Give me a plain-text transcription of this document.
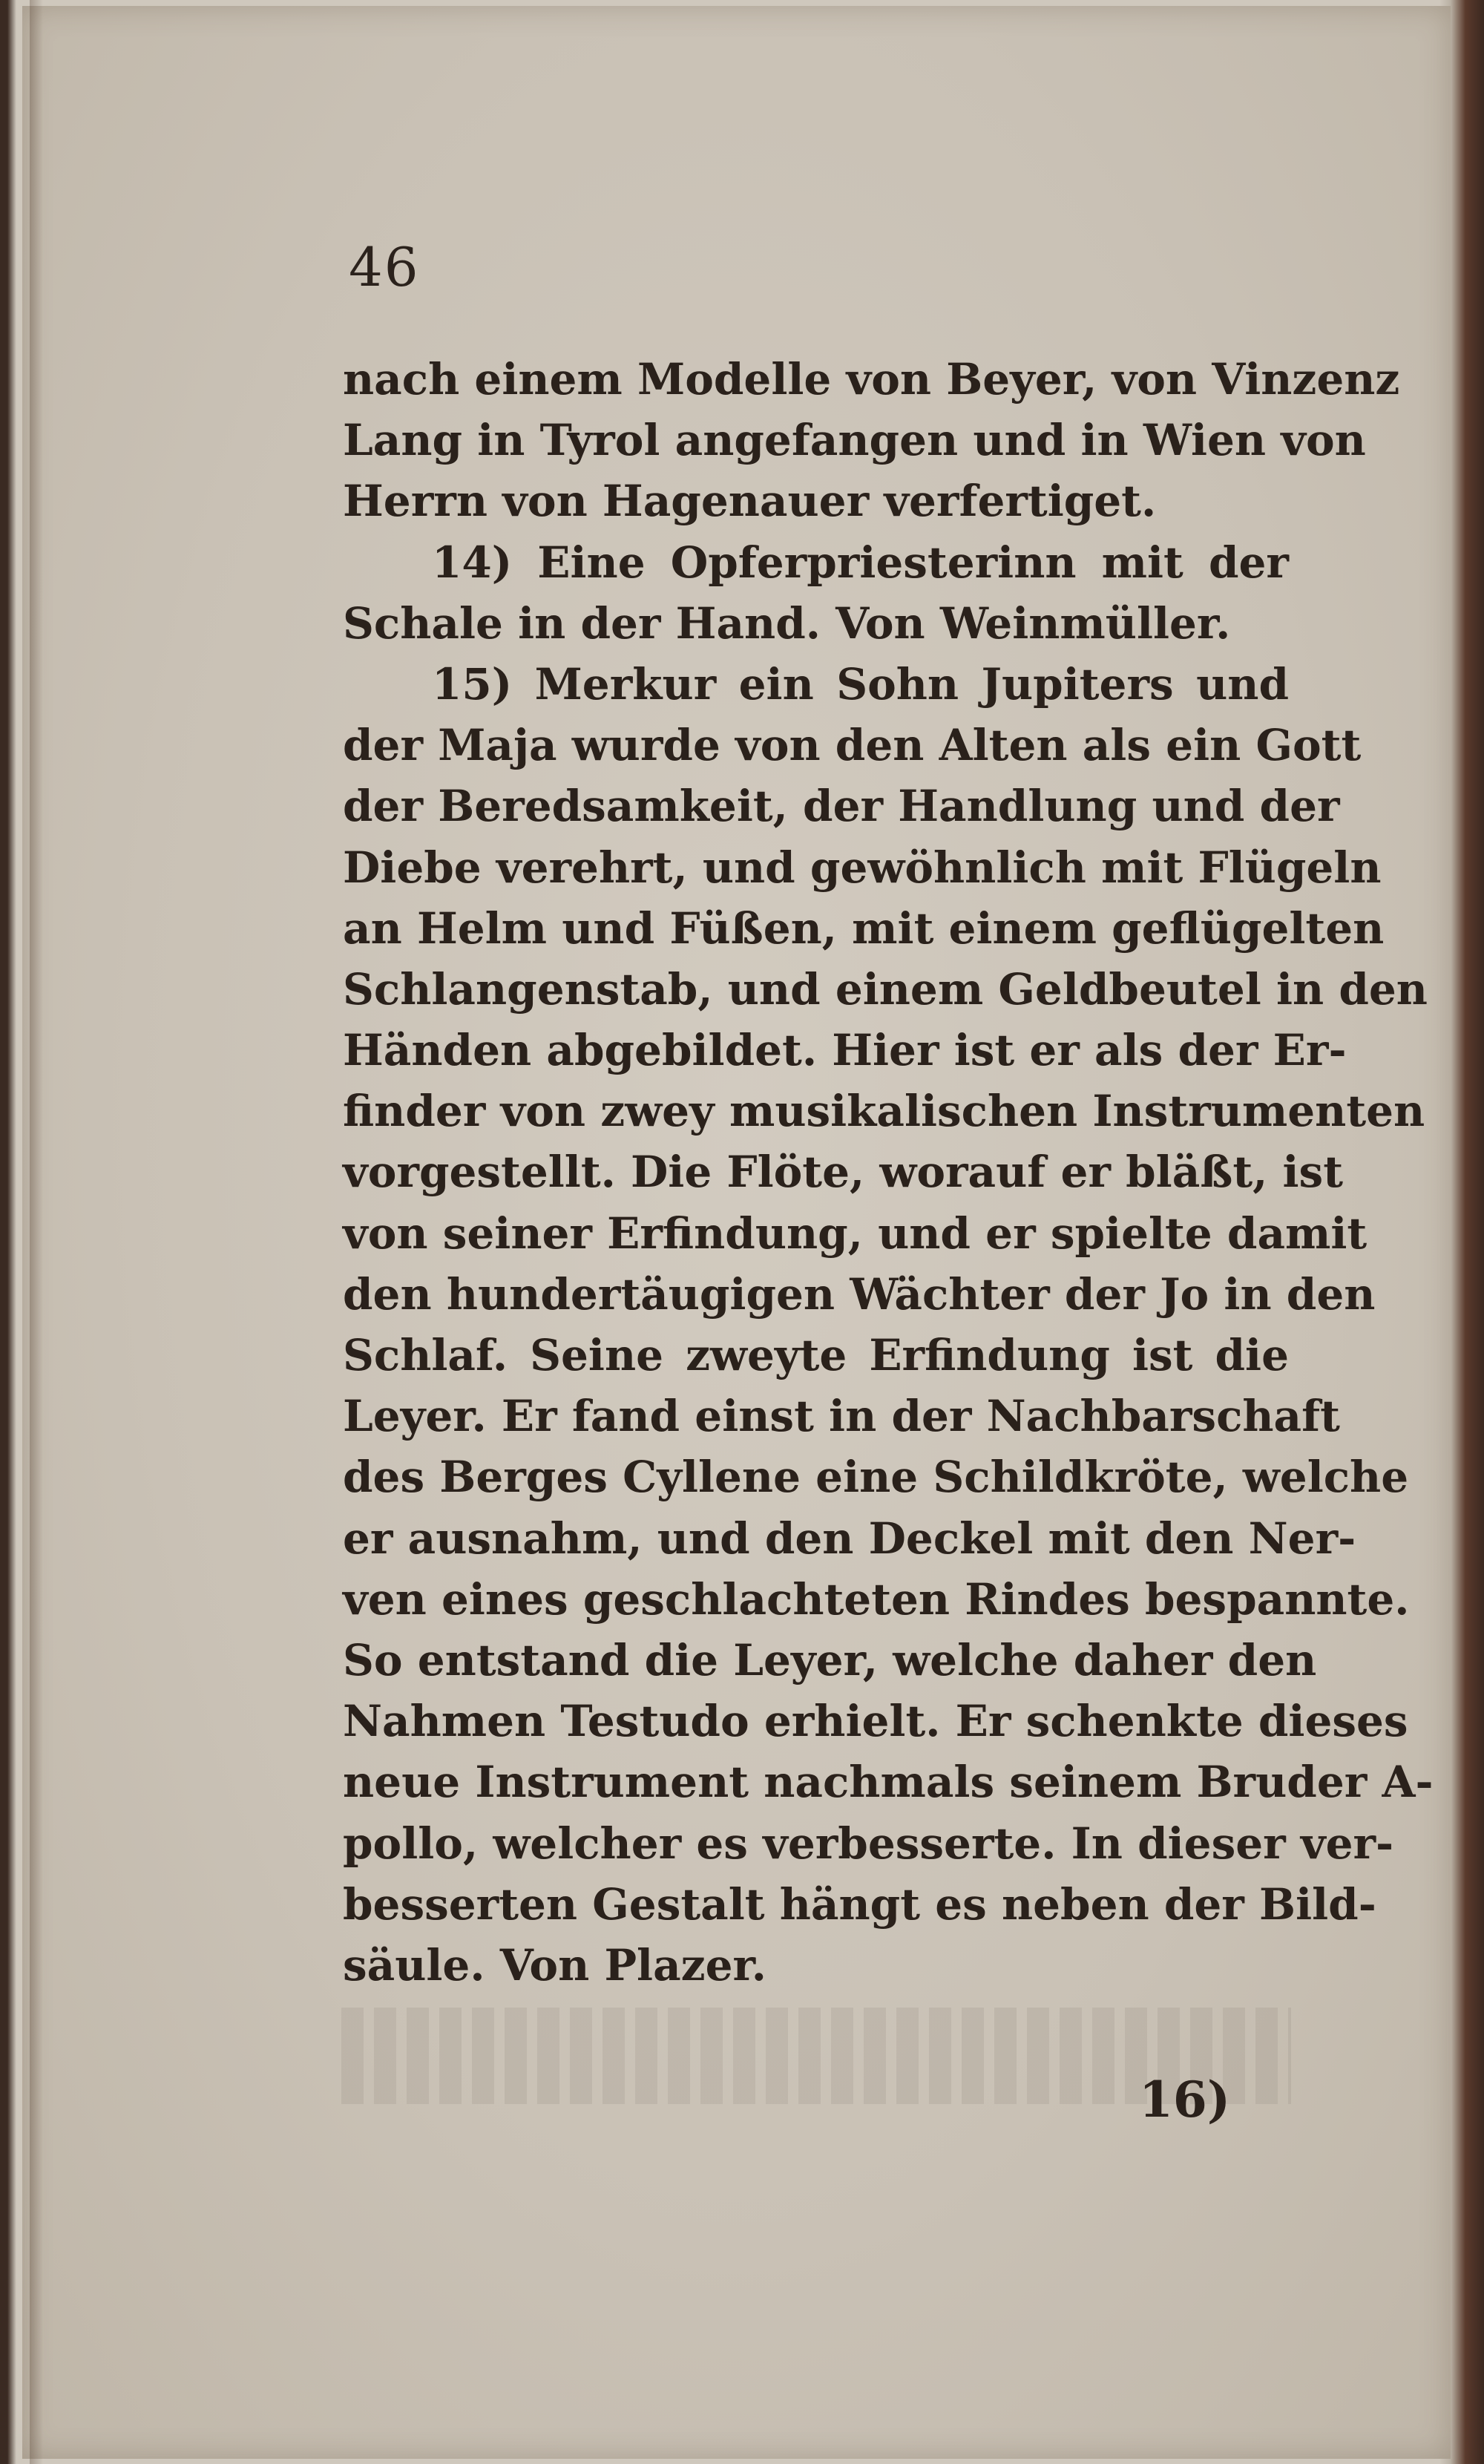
46
nach einem Modelle von Beyer, von Vinzenz
Lang in Tyrol angefangen und in Wien von
Herrn von Hagenauer verfertiget.
14) Eine Opferpriesterinn mit der
Schale in der Hand. Von Weinmüller.
15) Merkur ein Sohn Jupiters und
der Maja wurde von den Alten als ein Gott
der Beredsamkeit, der Handlung und der
Diebe verehrt, und gewöhnlich mit Flügeln
an Helm und Füßen, mit einem geflügelten
Schlangenstab, und einem Geldbeutel in den
Händen abgebildet. Hier ist er als der Er-
finder von zwey musikalischen Instrumenten
vorgestellt. Die Flöte, worauf er bläßt, ist
von seiner Erfindung, und er spielte damit
den hundertäugigen Wächter der Jo in den
Schlaf. Seine zweyte Erfindung ist die
Leyer. Er fand einst in der Nachbarschaft
des Berges Cyllene eine Schildkröte, welche
er ausnahm, und den Deckel mit den Ner-
ven eines geschlachteten Rindes bespannte.
So entstand die Leyer, welche daher den
Nahmen Testudo erhielt. Er schenkte dieses
neue Instrument nachmals seinem Bruder A-
pollo, welcher es verbesserte. In dieser ver-
besserten Gestalt hängt es neben der Bild-
säule. Von Plazer.
16)
